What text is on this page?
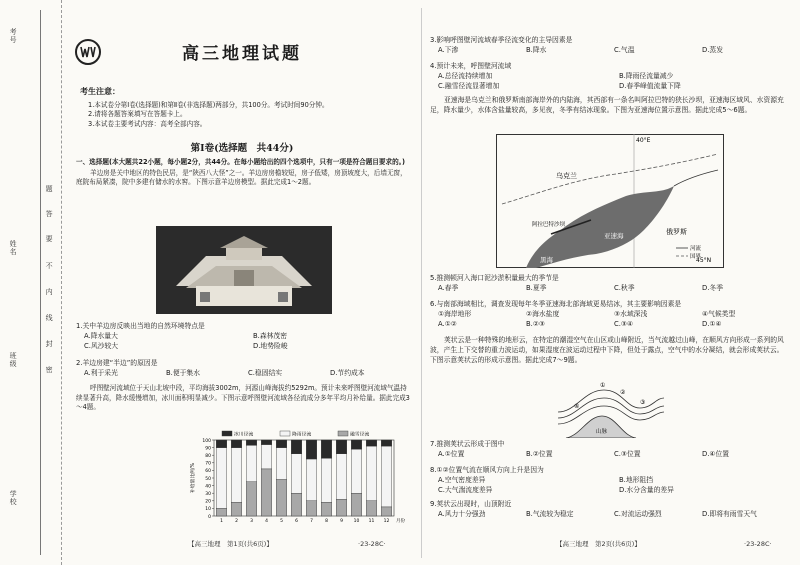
考号
姓名
班级
学校
题
答
要
不
内
线
封
密
高三地理试题
考生注意：

1.本试卷分第Ⅰ卷(选择题)和第Ⅱ卷(非选择题)两部分，共100分。考试时间90分钟。

2.请将各题答案填写在答题卡上。

3.本试卷主要考试内容：高考全部内容。

第Ⅰ卷(选择题　共44分)

一、选择题(本大题共22小题，每小题2分，共44分。在每小题给出的四个选项中，只有一项是符合题目要求的。)

羊边房是关中地区的特色民居，是“陕西八大怪”之一。羊边房房檐较短，房子低矮，房顶坡度大，后墙无窗，庭院布局紧凑，院中多建有储水的水窖。下图示意羊边房模型。据此完成1～2题。

1.关中羊边房反映出当地的自然环境特点是
A.降水量大	B.森林茂密
C.风沙较大	D.地势险峻
2.羊边房建“半边”的原因是
A.利于采光	B.便于集水	C.稳固结实	D.节约成本
呼图壁河流域位于天山北坡中段，平均海拔3002m，河源山峰海拔约5292m。预计未来呼图壁河流域气温持续显著升高，降水缓慢增加，冰川面积明显减少。下图示意呼图壁河流域各径流成分多年平均月补给量。据此完成3～4题。
0
10
20
30
40
50
60
70
80
90
100
补给量比例/%
1	2	3	4	5	6	7	8	9 10 11 12 月份
冰川径流	降雨径流	融雪径流
【高三地理　第1页(共6页)】	·23-28C·
3.影响呼图壁河流域春季径流变化的主导因素是
A.下渗	B.降水	C.气温	D.蒸发
4.预计未来，呼图壁河流域
A.总径流持续增加	B.降雨径流量减少
C.融雪径流显著增加	D.春季峰值流量下降
亚速海是乌克兰和俄罗斯南部海岸外的内陆海，其西部有一条名叫阿拉巴特的狭长沙坝，亚速海区域风、水资源充足，降水量少，水体含盐量较高，多见夜，冬季有结冰现象。下图为亚速海位置示意图。据此完成5～6题。
乌克兰
俄罗斯
亚速海
阿拉巴特沙坝
黑海
40°E
45°N
河流
国界
5.推测顿河入海口泥沙淤积量最大的季节是
A.春季	B.夏季	C.秋季	D.冬季
6.与南部海域相比，调查发现每年冬季亚速海北部海域更易结冰，其主要影响因素是
①海岸地形	②海水盐度	③水域深浅	④气候类型
A.①②	B.②③	C.③④	D.①④
荚状云是一种特殊的地形云，在特定的潮湿空气在山区或山峰附近，当气流越过山峰，在顺风方向形成一系列的风波，产生上下交替的重力波运动，如果湿度在波运动过程中下降，但处于露点，空气中的水分凝结，就会形成荚状云。下图示意荚状云的形成示意图。据此完成7～9题。
①
②
③
④
山脉
7.推测荚状云形成于图中
A.①位置	B.②位置	C.③位置	D.④位置
8.①②位置气流在顺风方向上升是因为
A.空气密度差异	B.地形阻挡
C.大气湍流度差异	D.水分含量的差异
9.荚状云出现时，山顶附近
A.风力十分强劲	B.气流较为稳定	C.对流运动强烈	D.即将有雨雪天气
【高三地理　第2页(共6页)】	·23-28C·
